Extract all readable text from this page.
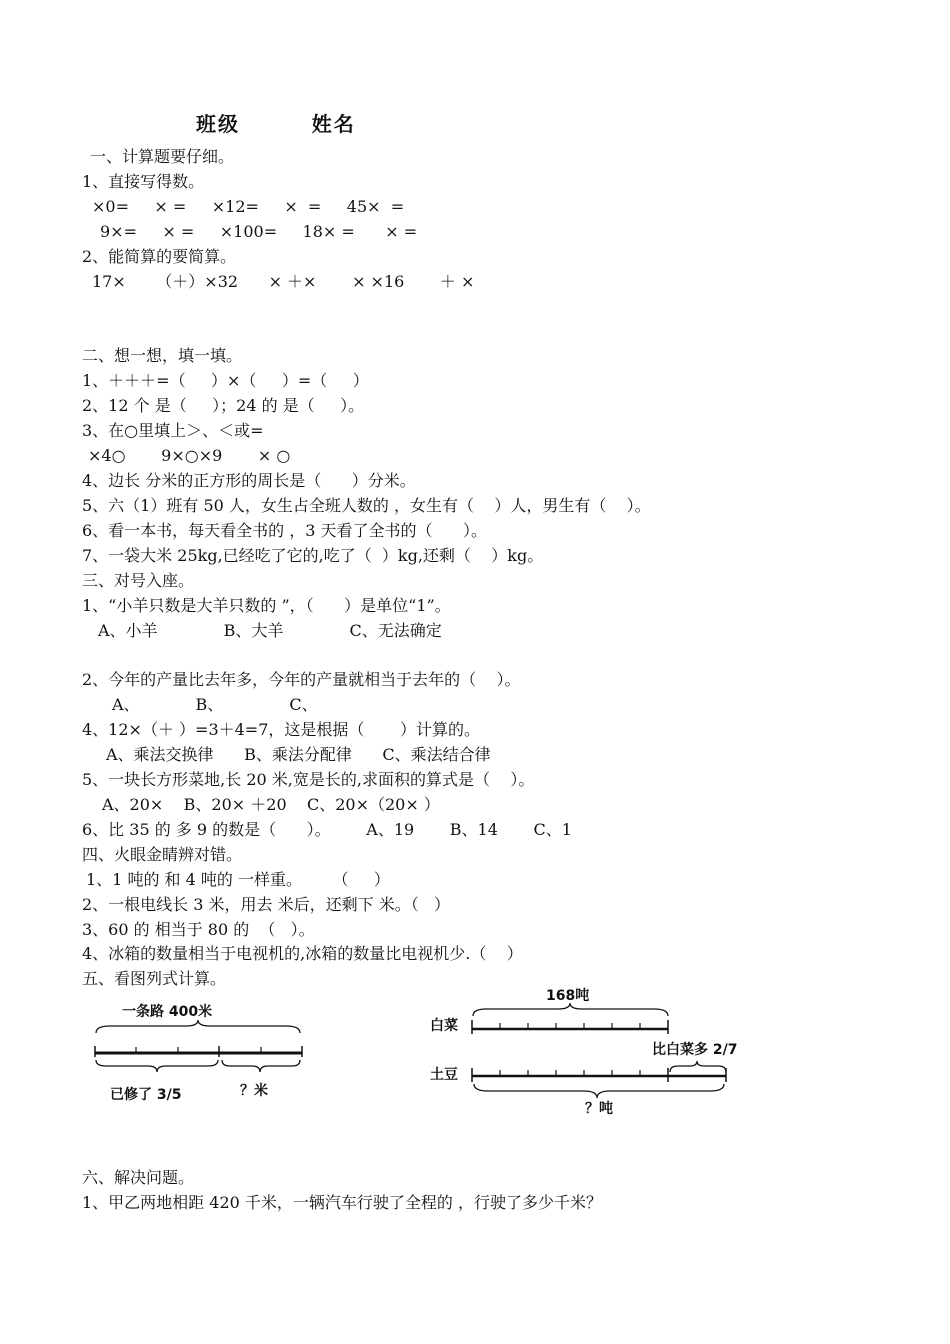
班级	姓名
一、计算题要仔细。
1、直接写得数。
×0=     × =     ×12=     ×  =     45×  =
9×=     × =     ×100=     18× =      × =
2、能简算的要简算。
17×      （＋）×32      × ＋×       × ×16       ＋ ×
二、想一想，填一填。
1、＋＋＋=（     ）×（     ）=（     ）
2、12 个 是（     ）；24 的 是（     ）。
3、在○里填上＞、＜或=
×4○       9×○×9       × ○
4、边长 分米的正方形的周长是（      ）分米。
5、六（1）班有 50 人，女生占全班人数的 ，女生有（    ）人，男生有（    ）。
6、看一本书，每天看全书的 ，3 天看了全书的（      ）。
7、一袋大米 25kg,已经吃了它的,吃了（  ）kg,还剩（    ）kg。
三、对号入座。
1、“小羊只数是大羊只数的 ”，（      ）是单位“1”。
A、小羊             B、大羊             C、无法确定
2、今年的产量比去年多，今年的产量就相当于去年的（    ）。
A、           B、             C、
4、12×（＋ ）=3＋4=7，这是根据（       ）计算的。
A、乘法交换律      B、乘法分配律      C、乘法结合律
5、一块长方形菜地,长 20 米,宽是长的,求面积的算式是（    ）。
A、20×    B、20× ＋20    C、20×（20× ）
6、比 35 的 多 9 的数是（      ）。       A、19       B、14       C、1
四、火眼金睛辨对错。
1、1 吨的 和 4 吨的 一样重。      （     ）
2、一根电线长 3 米，用去 米后，还剩下 米。（   ）
3、60 的 相当于 80 的  （   ）。
4、冰箱的数量相当于电视机的,冰箱的数量比电视机少.（    ）
五、看图列式计算。
一条路 400米
已修了 3/5	？米
168吨
白菜
比白菜多 2/7
土豆
？吨
六、解决问题。
1、甲乙两地相距 420 千米，一辆汽车行驶了全程的 ，行驶了多少千米？
